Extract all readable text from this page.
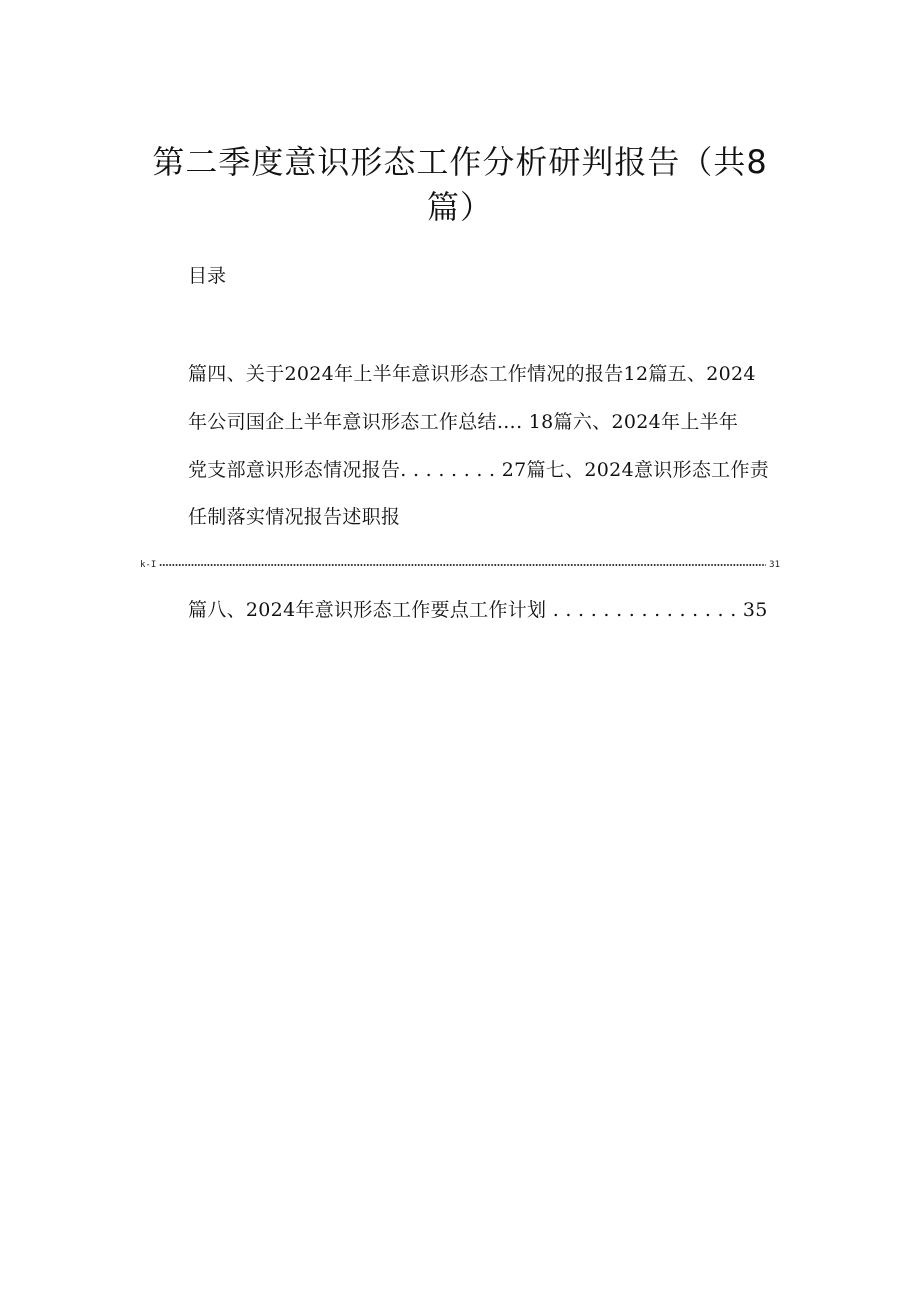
第二季度意识形态工作分析研判报告（共8
篇）
目录
篇四、关于2024年上半年意识形态工作情况的报告12篇五、2024
年公司国企上半年意识形态工作总结…. 18篇六、2024年上半年
党支部意识形态情况报告. . . . . . . . 27篇七、2024意识形态工作责
任制落实情况报告述职报
k-I	31
篇八、2024年意识形态工作要点工作计划 . . . . . . . . . . . . . . . 35
